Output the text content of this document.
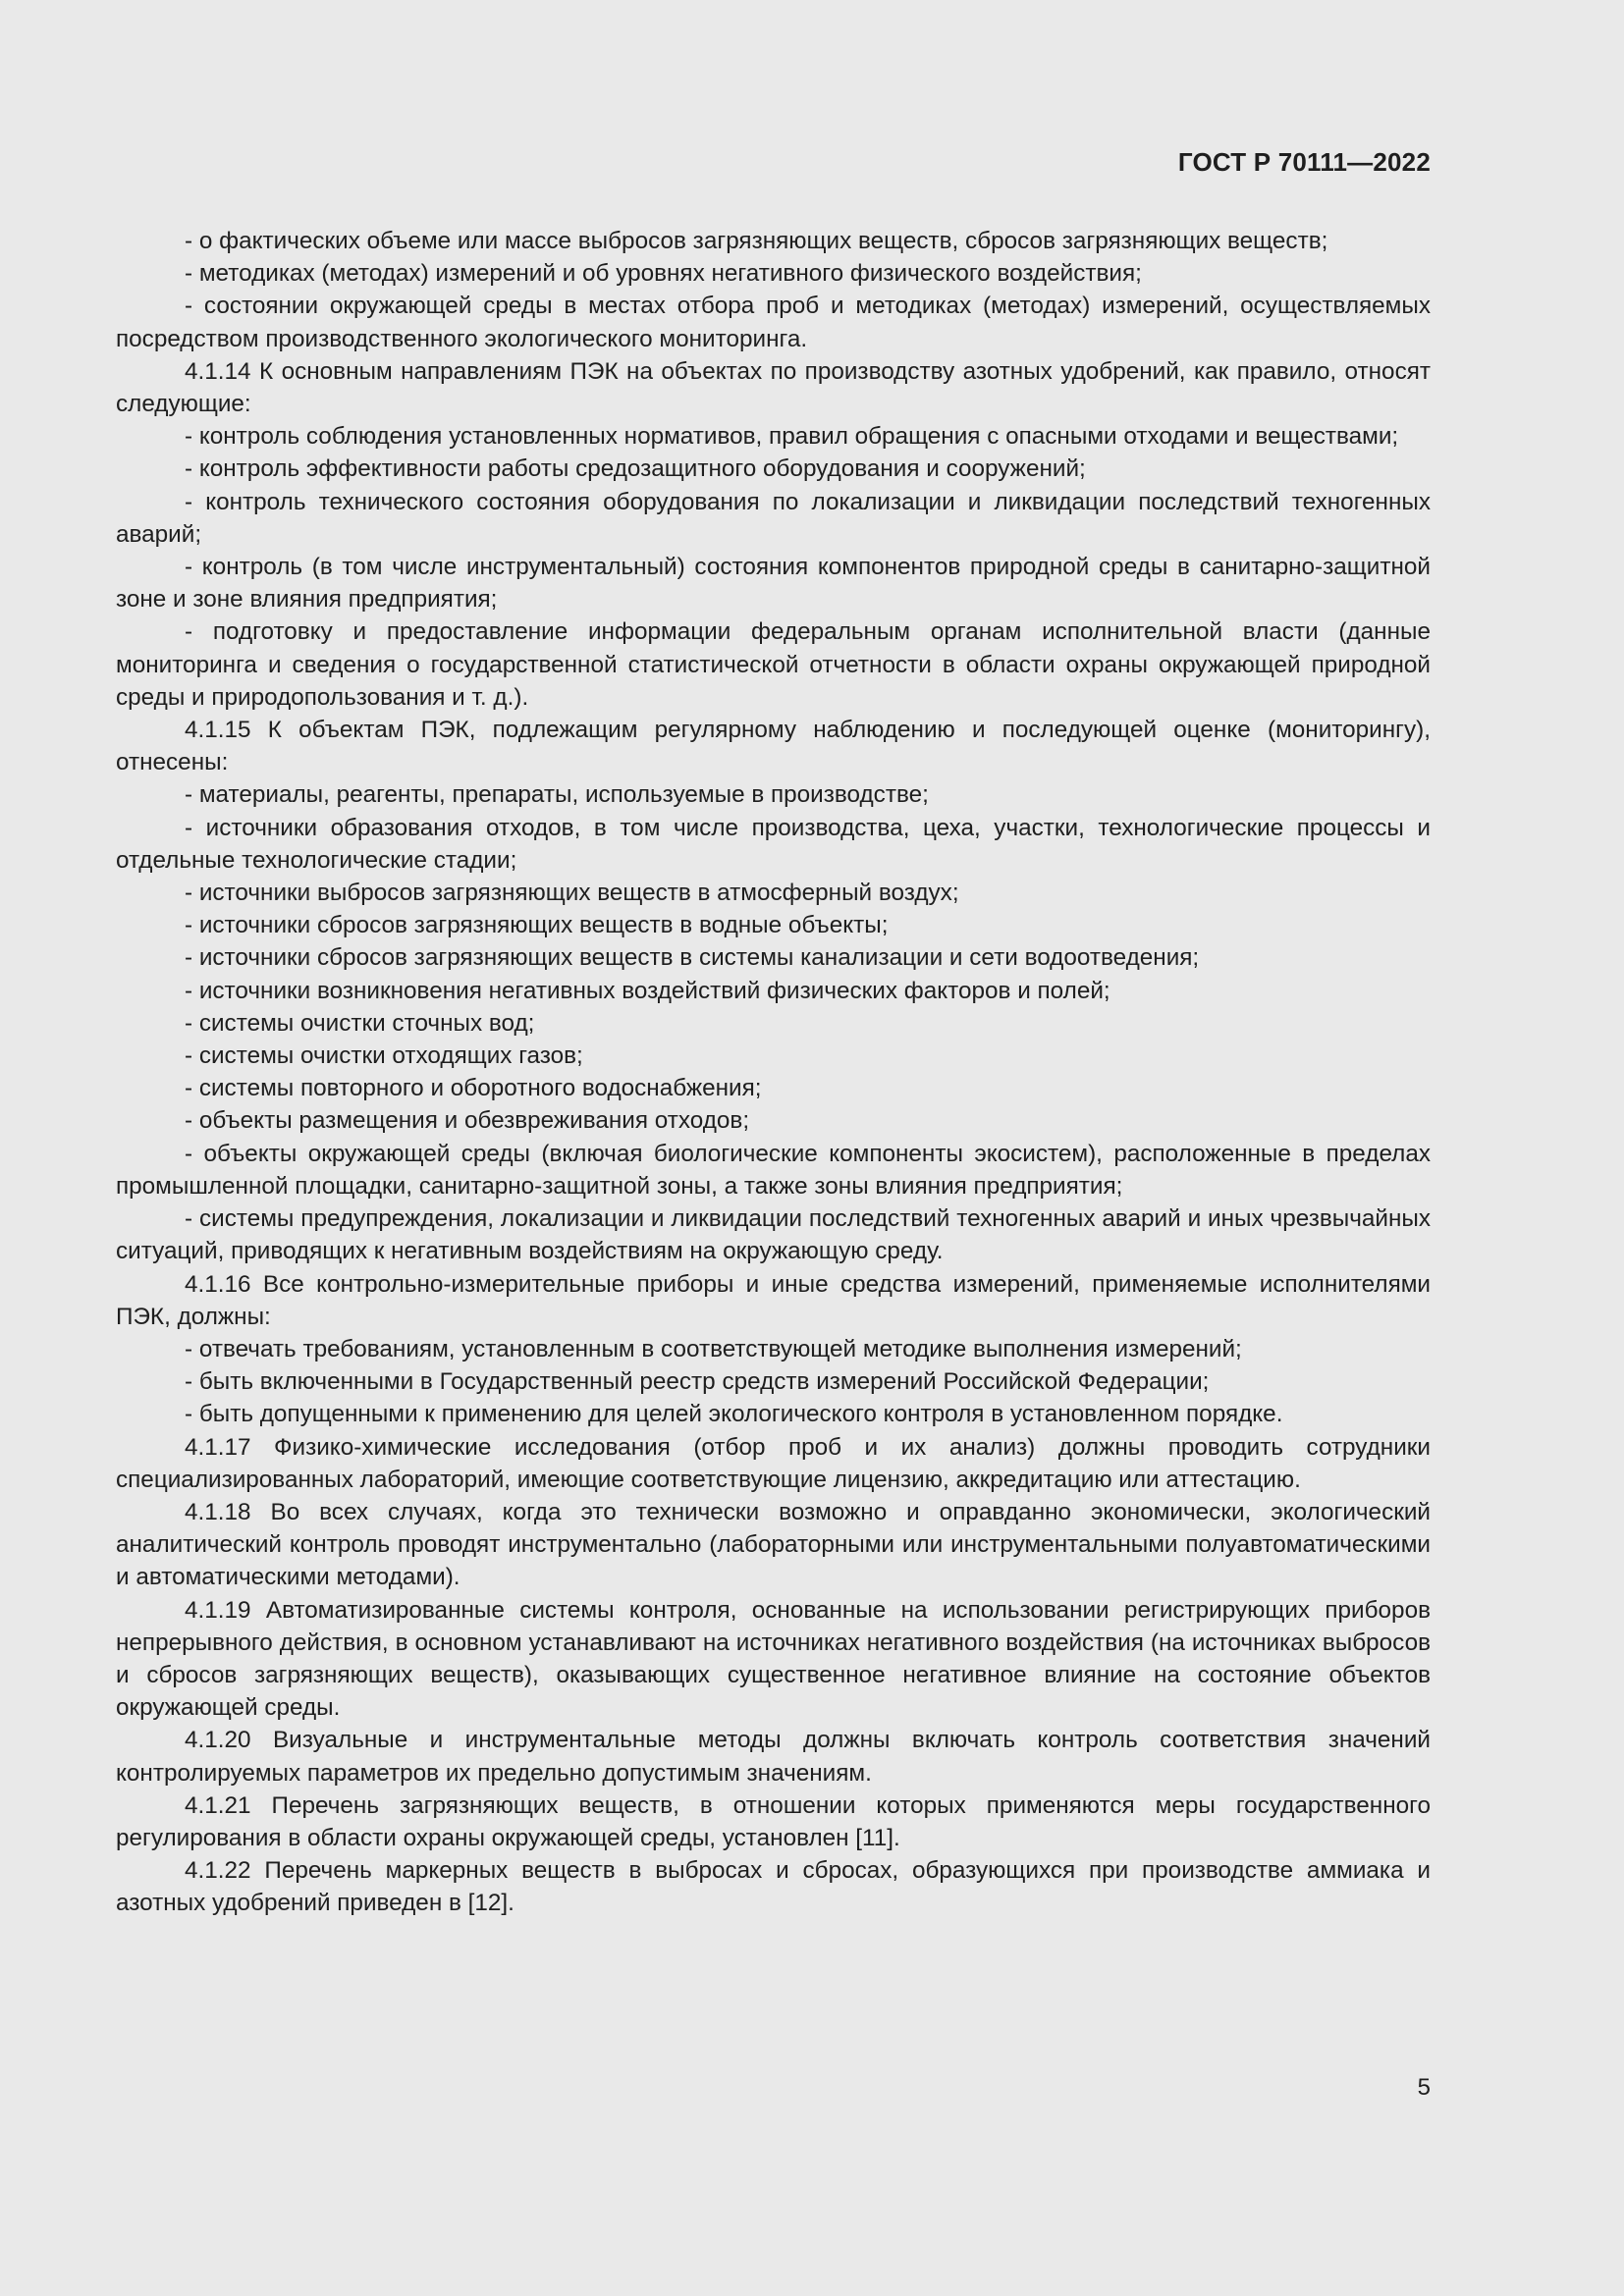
ГОСТ Р 70111—2022

- о фактических объеме или массе выбросов загрязняющих веществ, сбросов загрязняющих веществ;

- методиках (методах) измерений и об уровнях негативного физического воздействия;

- состоянии окружающей среды в местах отбора проб и методиках (методах) измерений, осуществляемых посредством производственного экологического мониторинга.

4.1.14 К основным направлениям ПЭК на объектах по производству азотных удобрений, как правило, относят следующие:

- контроль соблюдения установленных нормативов, правил обращения с опасными отходами и веществами;

- контроль эффективности работы средозащитного оборудования и сооружений;

- контроль технического состояния оборудования по локализации и ликвидации последствий техногенных аварий;

- контроль (в том числе инструментальный) состояния компонентов природной среды в санитарно-защитной зоне и зоне влияния предприятия;

- подготовку и предоставление информации федеральным органам исполнительной власти (данные мониторинга и сведения о государственной статистической отчетности в области охраны окружающей природной среды и природопользования и т. д.).

4.1.15 К объектам ПЭК, подлежащим регулярному наблюдению и последующей оценке (мониторингу), отнесены:

- материалы, реагенты, препараты, используемые в производстве;

- источники образования отходов, в том числе производства, цеха, участки, технологические процессы и отдельные технологические стадии;

- источники выбросов загрязняющих веществ в атмосферный воздух;

- источники сбросов загрязняющих веществ в водные объекты;

- источники сбросов загрязняющих веществ в системы канализации и сети водоотведения;

- источники возникновения негативных воздействий физических факторов и полей;

- системы очистки сточных вод;

- системы очистки отходящих газов;

- системы повторного и оборотного водоснабжения;

- объекты размещения и обезвреживания отходов;

- объекты окружающей среды (включая биологические компоненты экосистем), расположенные в пределах промышленной площадки, санитарно-защитной зоны, а также зоны влияния предприятия;

- системы предупреждения, локализации и ликвидации последствий техногенных аварий и иных чрезвычайных ситуаций, приводящих к негативным воздействиям на окружающую среду.

4.1.16 Все контрольно-измерительные приборы и иные средства измерений, применяемые исполнителями ПЭК, должны:

- отвечать требованиям, установленным в соответствующей методике выполнения измерений;

- быть включенными в Государственный реестр средств измерений Российской Федерации;

- быть допущенными к применению для целей экологического контроля в установленном порядке.

4.1.17 Физико-химические исследования (отбор проб и их анализ) должны проводить сотрудники специализированных лабораторий, имеющие соответствующие лицензию, аккредитацию или аттестацию.

4.1.18 Во всех случаях, когда это технически возможно и оправданно экономически, экологический аналитический контроль проводят инструментально (лабораторными или инструментальными полуавтоматическими и автоматическими методами).

4.1.19 Автоматизированные системы контроля, основанные на использовании регистрирующих приборов непрерывного действия, в основном устанавливают на источниках негативного воздействия (на источниках выбросов и сбросов загрязняющих веществ), оказывающих существенное негативное влияние на состояние объектов окружающей среды.

4.1.20 Визуальные и инструментальные методы должны включать контроль соответствия значений контролируемых параметров их предельно допустимым значениям.

4.1.21 Перечень загрязняющих веществ, в отношении которых применяются меры государственного регулирования в области охраны окружающей среды, установлен [11].

4.1.22 Перечень маркерных веществ в выбросах и сбросах, образующихся при производстве аммиака и азотных удобрений приведен в [12].

5
